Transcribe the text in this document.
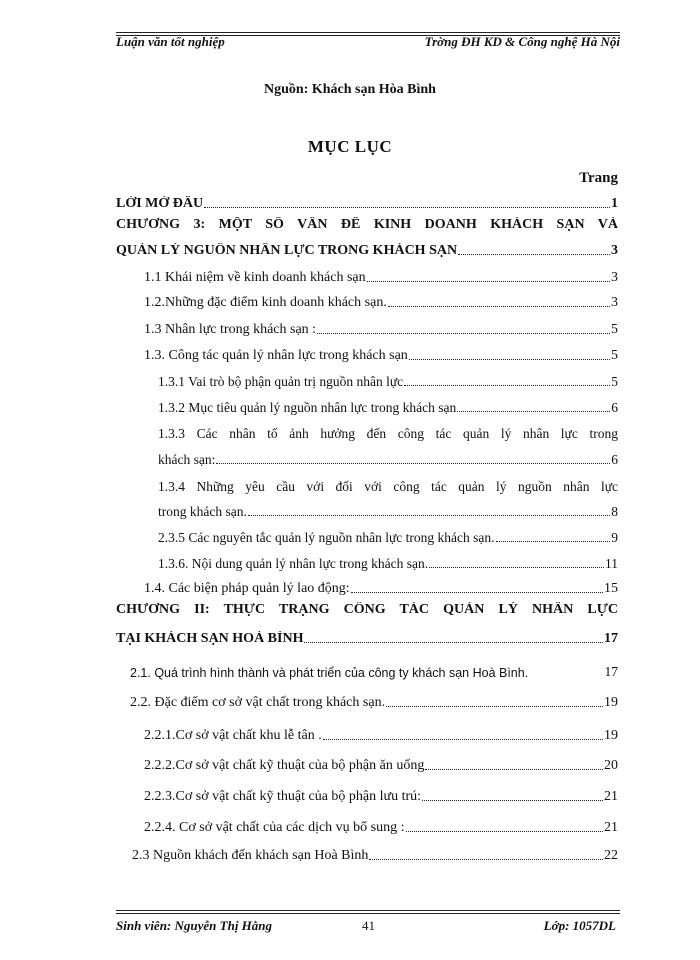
Luận văn tốt nghiệp	Trờng ĐH KD & Công nghệ Hà Nội
Nguồn: Khách sạn Hòa Bình
MỤC LỤC
Trang
LỜI MỞ ĐẦU	1
CHƯƠNG 3: MỘT SỐ VẤN ĐỀ KINH DOANH KHÁCH SẠN VÀ
QUẢN LÝ NGUỒN NHÂN LỰC TRONG KHÁCH SẠN	3
1.1 Khái niệm về kinh doanh khách sạn	3
1.2.Những đặc điểm kinh doanh khách sạn.	3
1.3 Nhân lực trong khách sạn :	5
1.3. Công tác quản lý nhân lực trong khách sạn	5
1.3.1 Vai trò bộ phận quản trị nguồn nhân lực	5
1.3.2 Mục tiêu quản lý nguồn nhân lực trong khách sạn	6
1.3.3 Các nhân tố ảnh hưởng đến công tác quản lý nhân lực trong
khách sạn:	6
1.3.4 Những yêu cầu với đối với công tác quản lý nguồn nhân lực
trong khách sạn.	8
2.3.5 Các nguyên tắc quản lý nguồn nhân lực trong khách sạn.	9
1.3.6. Nội dung quản lý nhân lực trong khách sạn.	11
1.4. Các biện pháp quản lý lao động:	15
CHƯƠNG II: THỰC TRẠNG CÔNG TÁC QUẢN LÝ NHÂN LỰC
TẠI KHÁCH SẠN HOÀ BÌNH	17
2.1. Quá trình hình thành và phát triển của công ty khách sạn Hoà Bình.	17
2.2. Đặc điểm cơ sở vật chất trong khách sạn.	19
2.2.1.Cơ sở vật chất khu lễ tân .	19
2.2.2.Cơ sở vật chất kỹ thuật của bộ phận ăn uống	20
2.2.3.Cơ sở vật chất kỹ thuật của bộ phận lưu trú:	21
2.2.4. Cơ sở vật chất của các dịch vụ bổ sung :	21
2.3 Nguồn khách đến khách sạn Hoà Bình	22
Sinh viên: Nguyễn Thị Hằng	41	Lớp: 1057DL
